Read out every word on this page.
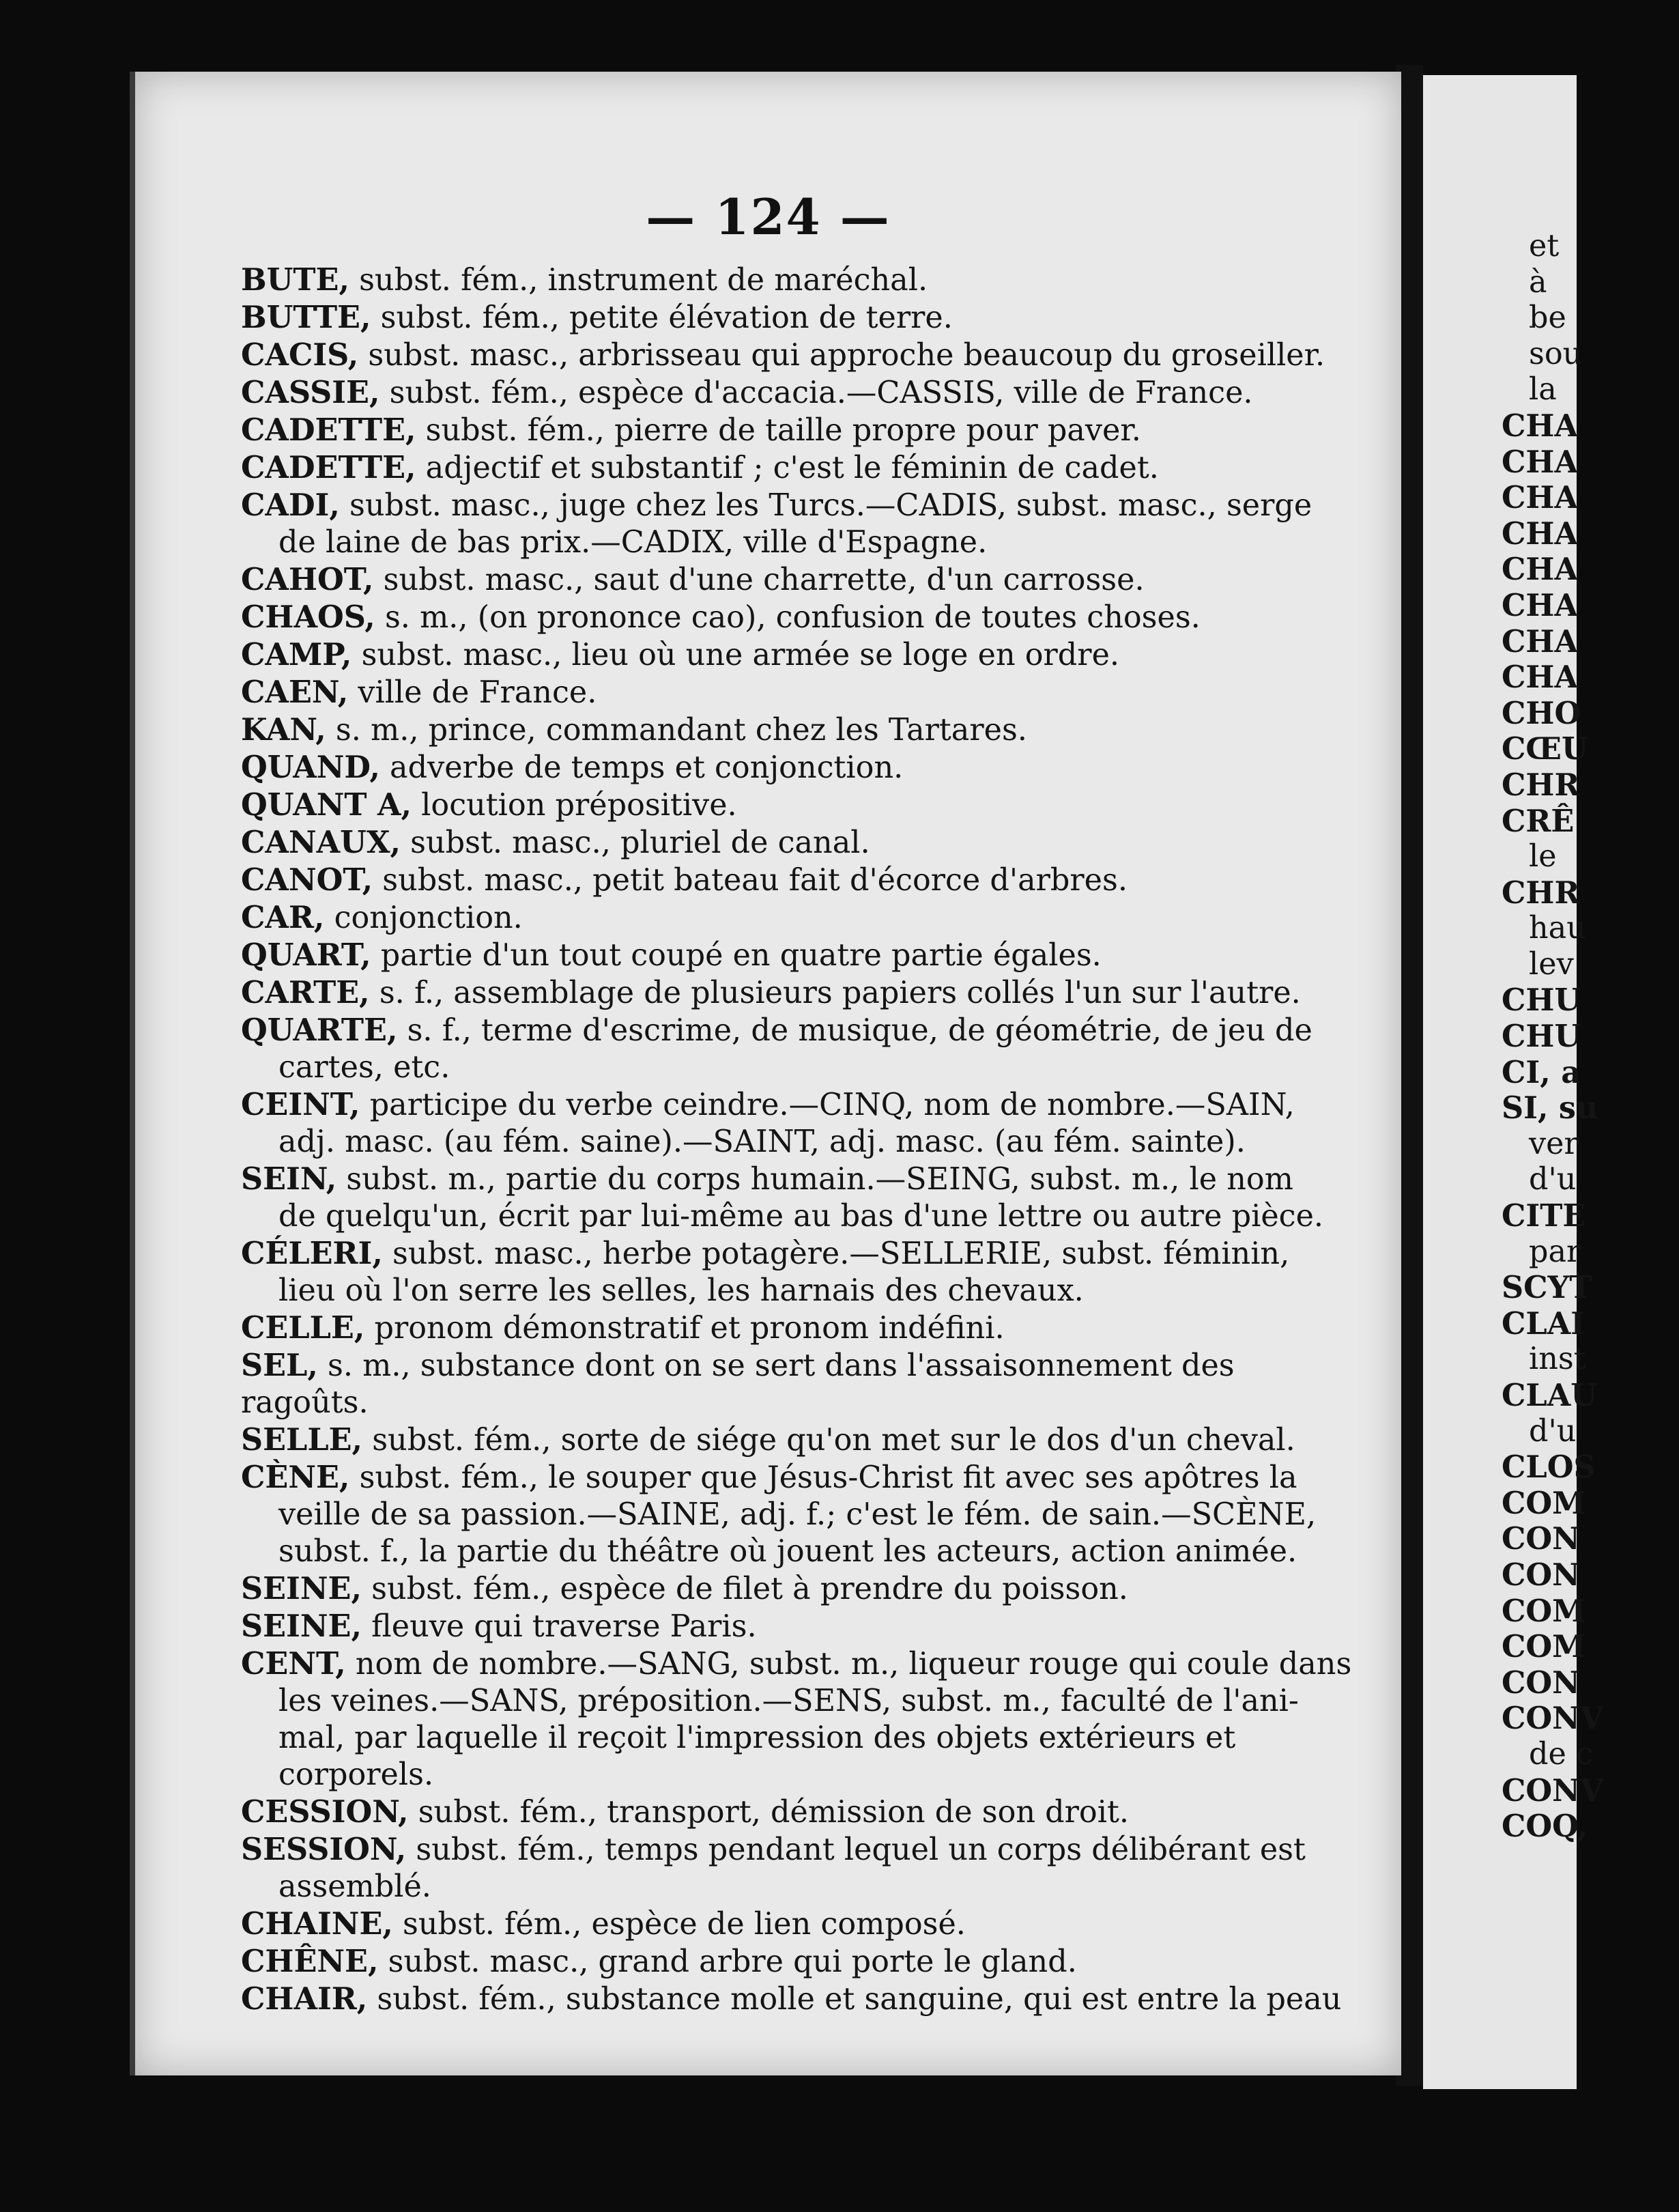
— 124 —
BUTE, subst. fém., instrument de maréchal.
BUTTE, subst. fém., petite élévation de terre.
CACIS, subst. masc., arbrisseau qui approche beaucoup du groseiller.
CASSIE, subst. fém., espèce d'accacia.—CASSIS, ville de France.
CADETTE, subst. fém., pierre de taille propre pour paver.
CADETTE, adjectif et substantif ; c'est le féminin de cadet.
CADI, subst. masc., juge chez les Turcs.—CADIS, subst. masc., serge
de laine de bas prix.—CADIX, ville d'Espagne.
CAHOT, subst. masc., saut d'une charrette, d'un carrosse.
CHAOS, s. m., (on prononce cao), confusion de toutes choses.
CAMP, subst. masc., lieu où une armée se loge en ordre.
CAEN, ville de France.
KAN, s. m., prince, commandant chez les Tartares.
QUAND, adverbe de temps et conjonction.
QUANT A, locution prépositive.
CANAUX, subst. masc., pluriel de canal.
CANOT, subst. masc., petit bateau fait d'écorce d'arbres.
CAR, conjonction.
QUART, partie d'un tout coupé en quatre partie égales.
CARTE, s. f., assemblage de plusieurs papiers collés l'un sur l'autre.
QUARTE, s. f., terme d'escrime, de musique, de géométrie, de jeu de
cartes, etc.
CEINT, participe du verbe ceindre.—CINQ, nom de nombre.—SAIN,
adj. masc. (au fém. saine).—SAINT, adj. masc. (au fém. sainte).
SEIN, subst. m., partie du corps humain.—SEING, subst. m., le nom
de quelqu'un, écrit par lui-même au bas d'une lettre ou autre pièce.
CÉLERI, subst. masc., herbe potagère.—SELLERIE, subst. féminin,
lieu où l'on serre les selles, les harnais des chevaux.
CELLE, pronom démonstratif et pronom indéfini.
SEL, s. m., substance dont on se sert dans l'assaisonnement des ragoûts.
SELLE, subst. fém., sorte de siége qu'on met sur le dos d'un cheval.
CÈNE, subst. fém., le souper que Jésus-Christ fit avec ses apôtres la
veille de sa passion.—SAINE, adj. f.; c'est le fém. de sain.—SCÈNE,
subst. f., la partie du théâtre où jouent les acteurs, action animée.
SEINE, subst. fém., espèce de filet à prendre du poisson.
SEINE, fleuve qui traverse Paris.
CENT, nom de nombre.—SANG, subst. m., liqueur rouge qui coule dans
les veines.—SANS, préposition.—SENS, subst. m., faculté de l'ani-
mal, par laquelle il reçoit l'impression des objets extérieurs et corporels.
CESSION, subst. fém., transport, démission de son droit.
SESSION, subst. fém., temps pendant lequel un corps délibérant est
assemblé.
CHAINE, subst. fém., espèce de lien composé.
CHÊNE, subst. masc., grand arbre qui porte le gland.
CHAIR, subst. fém., substance molle et sanguine, qui est entre la peau
et
à
be
sou
la
CHA
CHA
CHA
CHA
CHA
CHA
CHA
CHA
CHO
CŒU
CHR
CRÊ
le
CHR
hau
lev
CHU
CHU
CI, a
SI, su
ver
d'u
CITE
par
SCYT
CLAI
inst
CLAU
d'u
CLOS
COM
CON
CON
COM
COM
CON
CONV
de c
CONV
COQ,
